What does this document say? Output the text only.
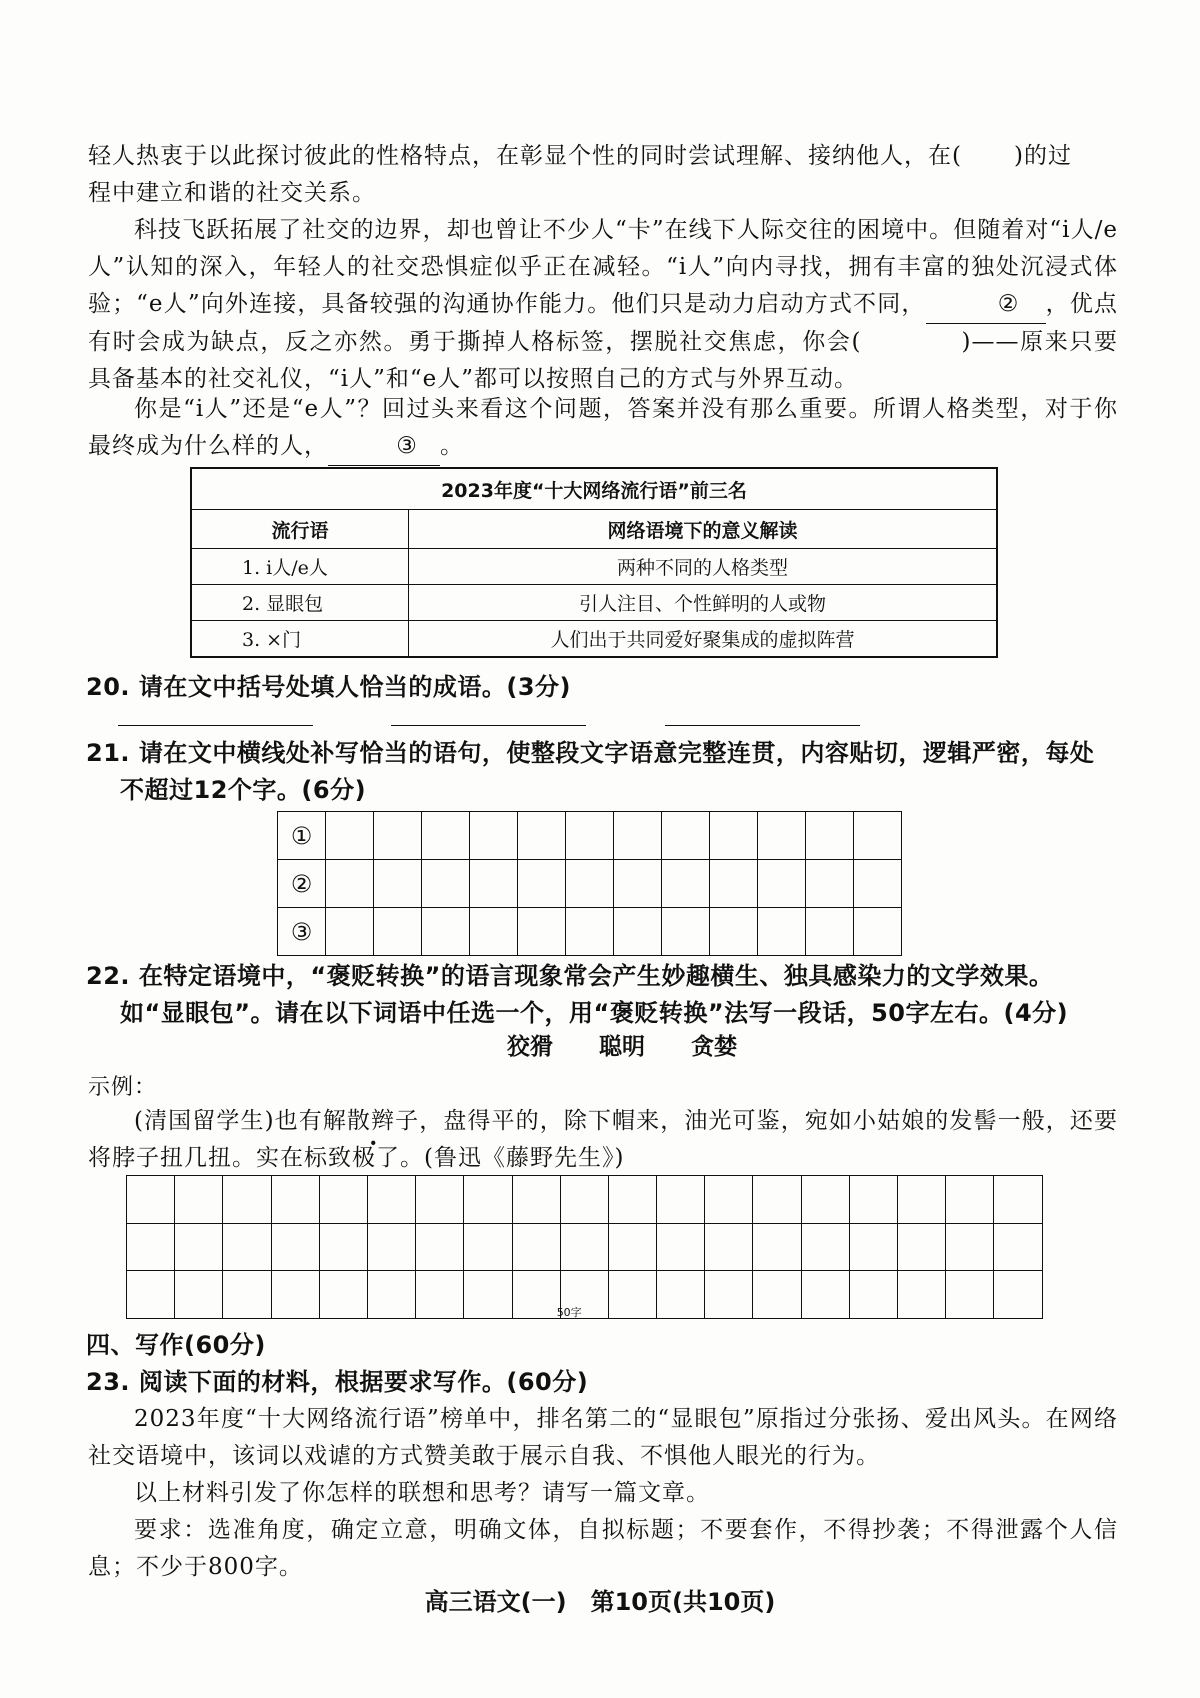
轻人热衷于以此探讨彼此的性格特点，在彰显个性的同时尝试理解、接纳他人，在( )的过
程中建立和谐的社交关系。

科技飞跃拓展了社交的边界，却也曾让不少人“卡”在线下人际交往的困境中。但随着对“i人/e人”认知的深入，年轻人的社交恐惧症似乎正在减轻。“i人”向内寻找，拥有丰富的独处沉浸式体验；“e人”向外连接，具备较强的沟通协作能力。他们只是动力启动方式不同，	② ，优点有时会成为缺点，反之亦然。勇于撕掉人格标签，摆脱社交焦虑，你会(	)——原来只要具备基本的社交礼仪，“i人”和“e人”都可以按照自己的方式与外界互动。

你是“i人”还是“e人”？回过头来看这个问题，答案并没有那么重要。所谓人格类型，对于你最终成为什么样的人，	③ 。

2023年度“十大网络流行语”前三名	
流行语	网络语境下的意义解读
1. i人/e人	两种不同的人格类型
2. 显眼包	引人注目、个性鲜明的人或物
3. ×门	人们出于共同爱好聚集成的虚拟阵营
20. 请在文中括号处填人恰当的成语。(3分)
21. 请在文中横线处补写恰当的语句，使整段文字语意完整连贯，内容贴切，逻辑严密，每处
不超过12个字。(6分)
①												
②												
③												
22. 在特定语境中，“褒贬转换”的语言现象常会产生妙趣横生、独具感染力的文学效果。
如“显眼包”。请在以下词语中任选一个，用“褒贬转换”法写一段话，50字左右。(4分)
狡猾 聪明 贪婪
示例：

(清国留学生)也有解散辫子，盘得平的，除下帽来，油光可鉴，宛如小姑娘的发髻一般，还要将脖子扭几扭。实在标致极了。(鲁迅《藤野先生》)

									50字									

四、写作(60分)
23. 阅读下面的材料，根据要求写作。(60分)

2023年度“十大网络流行语”榜单中，排名第二的“显眼包”原指过分张扬、爱出风头。在网络社交语境中，该词以戏谑的方式赞美敢于展示自我、不惧他人眼光的行为。

以上材料引发了你怎样的联想和思考？请写一篇文章。

要求：选准角度，确定立意，明确文体，自拟标题；不要套作，不得抄袭；不得泄露个人信息；不少于800字。

高三语文(一)　第10页(共10页)
